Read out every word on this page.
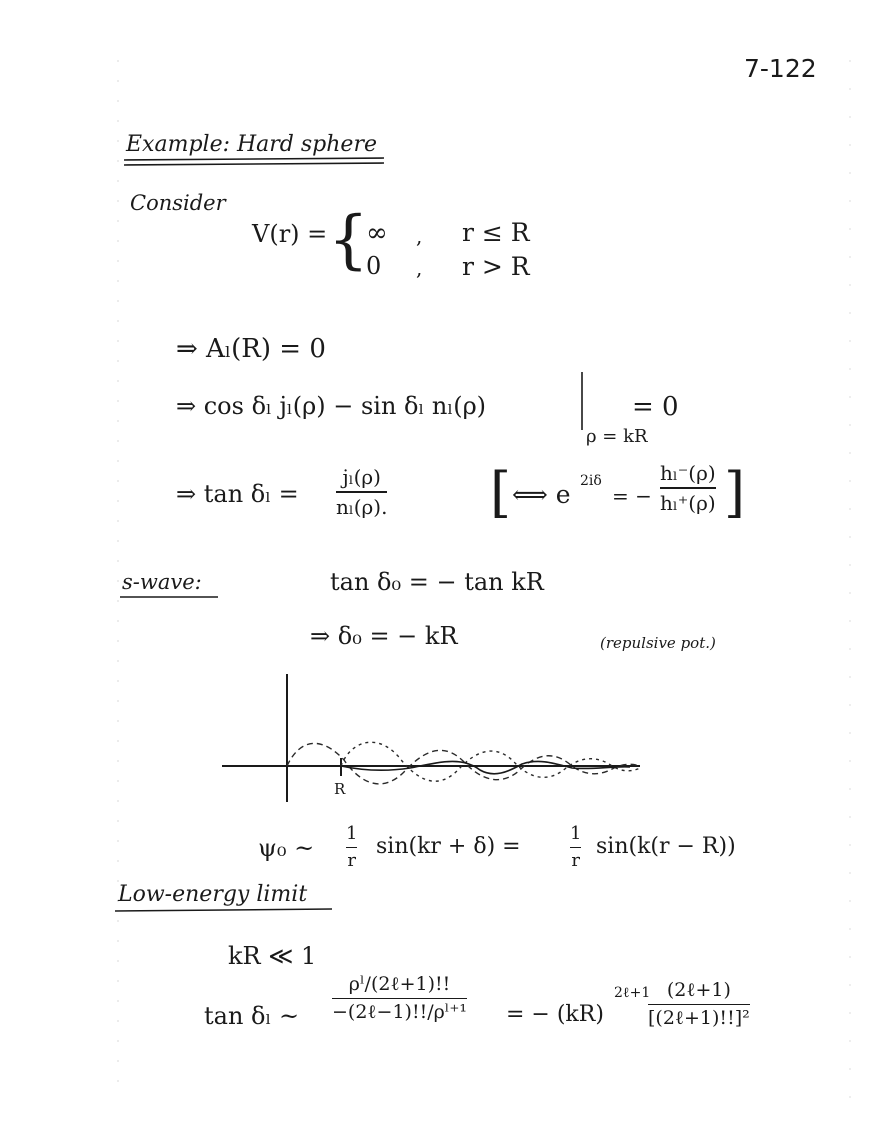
7-122
Example: Hard sphere
Consider
V(r) = {
∞ , r ≤ R
0 , r > R
⇒ Aₗ(R) = 0
⇒ cos δₗ jₗ(ρ) − sin δₗ nₗ(ρ)	= 0
ρ = kR
⇒ tan δₗ =
jₗ(ρ)
nₗ(ρ). [ ⟺ e 2iδ
= −
hₗ⁻(ρ)
hₗ⁺(ρ) ]
s-wave:	tan δ₀ = − tan kR
⇒ δ₀ = − kR	(repulsive pot.)
R
ψ₀ ~
1
r
sin(kr + δ) =
1
r
sin(k(r − R))
Low-energy limit
kR ≪ 1
tan δₗ ~
ρˡ/(2ℓ+1)!!
−(2ℓ−1)!!/ρˡ⁺¹ = − (kR)
2ℓ+1 (2ℓ+1)
[(2ℓ+1)!!]²
